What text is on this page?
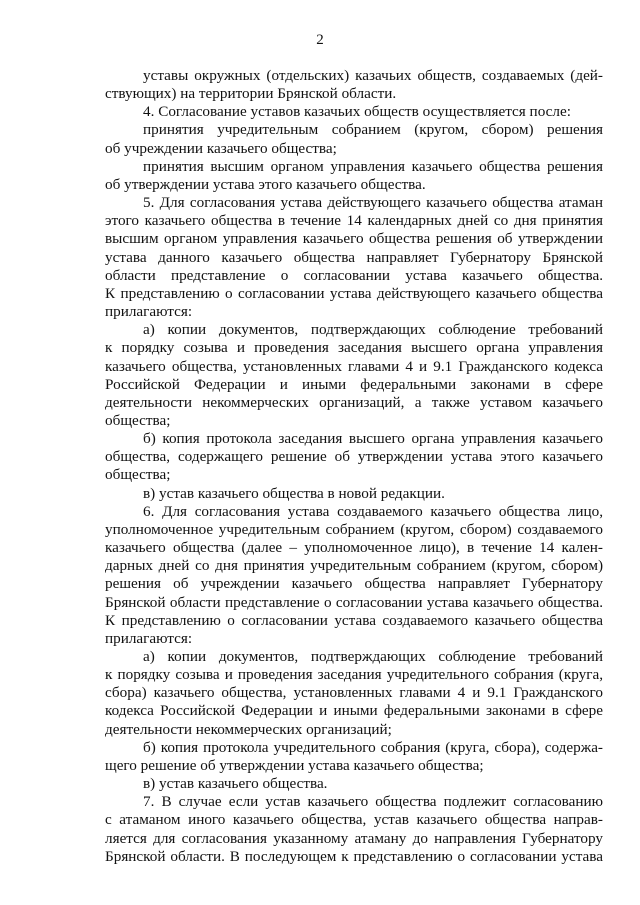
2
уставы окружных (отдельских) казачьих обществ, создаваемых (дей-
ствующих) на территории Брянской области.
4. Согласование уставов казачьих обществ осуществляется после:
принятия учредительным собранием (кругом, сбором) решения
об учреждении казачьего общества;
принятия высшим органом управления казачьего общества решения
об утверждении устава этого казачьего общества.
5. Для согласования устава действующего казачьего общества атаман
этого казачьего общества в течение 14 календарных дней со дня принятия
высшим органом управления казачьего общества решения об утверждении
устава данного казачьего общества направляет Губернатору Брянской
области представление о согласовании устава казачьего общества.
К представлению о согласовании устава действующего казачьего общества
прилагаются:
а) копии документов, подтверждающих соблюдение требований
к порядку созыва и проведения заседания высшего органа управления
казачьего общества, установленных главами 4 и 9.1 Гражданского кодекса
Российской Федерации и иными федеральными законами в сфере
деятельности некоммерческих организаций, а также уставом казачьего
общества;
б) копия протокола заседания высшего органа управления казачьего
общества, содержащего решение об утверждении устава этого казачьего
общества;
в) устав казачьего общества в новой редакции.
6. Для согласования устава создаваемого казачьего общества лицо,
уполномоченное учредительным собранием (кругом, сбором) создаваемого
казачьего общества (далее – уполномоченное лицо), в течение 14 кален-
дарных дней со дня принятия учредительным собранием (кругом, сбором)
решения об учреждении казачьего общества направляет Губернатору
Брянской области представление о согласовании устава казачьего общества.
К представлению о согласовании устава создаваемого казачьего общества
прилагаются:
а) копии документов, подтверждающих соблюдение требований
к порядку созыва и проведения заседания учредительного собрания (круга,
сбора) казачьего общества, установленных главами 4 и 9.1 Гражданского
кодекса Российской Федерации и иными федеральными законами в сфере
деятельности некоммерческих организаций;
б) копия протокола учредительного собрания (круга, сбора), содержа-
щего решение об утверждении устава казачьего общества;
в) устав казачьего общества.
7. В случае если устав казачьего общества подлежит согласованию
с атаманом иного казачьего общества, устав казачьего общества направ-
ляется для согласования указанному атаману до направления Губернатору
Брянской области. В последующем к представлению о согласовании устава
